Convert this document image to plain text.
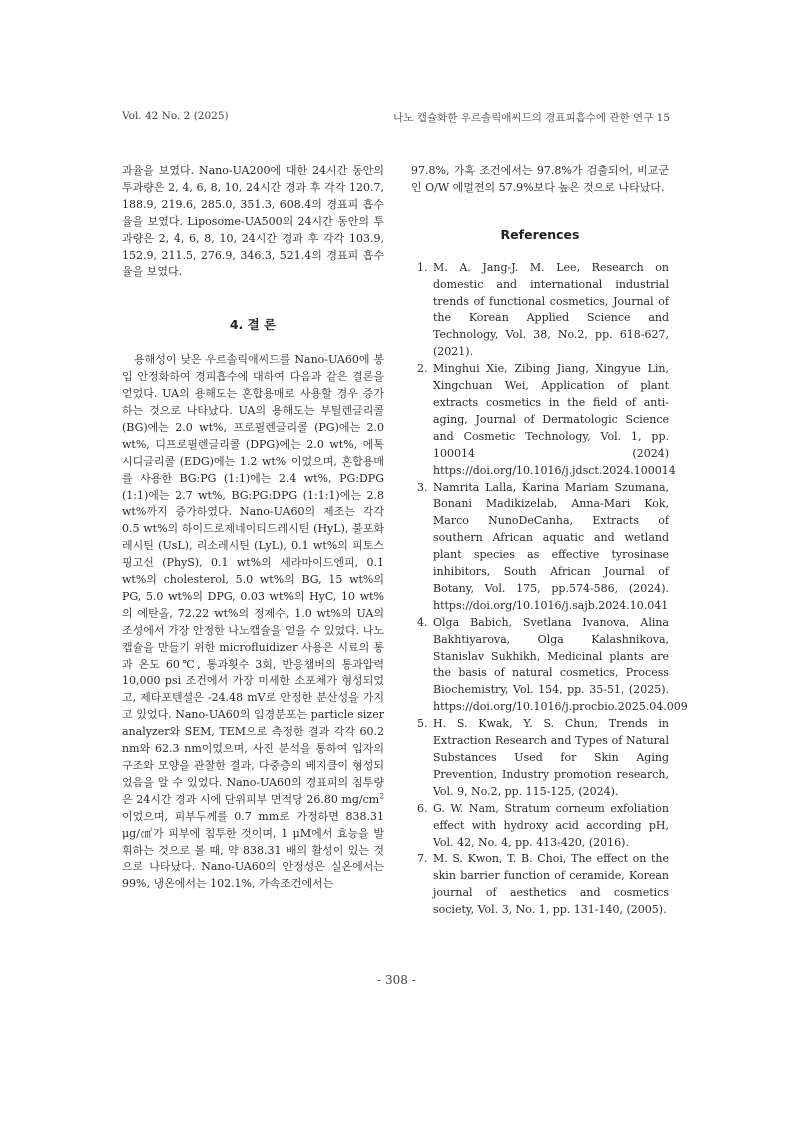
Vol. 42 No. 2 (2025)	나노 캡슐화한 우르솔릭애씨드의 경표피흡수에 관한 연구 15

과율을 보였다. Nano-UA200에 대한 24시간 동안의 투과량은 2, 4, 6, 8, 10, 24시간 경과 후 각각 120.7, 188.9, 219.6, 285.0, 351.3, 608.4의 경표피 흡수율을 보였다. Liposome-UA500의 24시간 동안의 투과량은 2, 4, 6, 8, 10, 24시간 경과 후 각각 103.9, 152.9, 211.5, 276.9, 346.3, 521.4의 경표피 흡수율을 보였다.

4. 결 론

용해성이 낮은 우르솔릭애씨드를 Nano-UA60에 봉입 안정화하여 경피흡수에 대하여 다음과 같은 결론을 얻었다. UA의 용해도는 혼합용매로 사용할 경우 증가하는 것으로 나타났다. UA의 용해도는 부틸렌글리콜 (BG)에는 2.0 wt%, 프로필렌글리콜 (PG)에는 2.0 wt%, 디프로필렌글리콜 (DPG)에는 2.0 wt%, 에톡시디글리콜 (EDG)에는 1.2 wt% 이었으며, 혼합용매를 사용한 BG:PG (1:1)에는 2.4 wt%, PG:DPG (1:1)에는 2.7 wt%, BG:PG:DPG (1:1:1)에는 2.8 wt%까지 증가하였다. Nano-UA60의 제조는 각각 0.5 wt%의 하이드로제네이티드레시틴 (HyL), 불포화레시틴 (UsL), 리소레시틴 (LyL), 0.1 wt%의 피토스핑고신 (PhyS), 0.1 wt%의 세라마이드엔피, 0.1 wt%의 cholesterol, 5.0 wt%의 BG, 15 wt%의 PG, 5.0 wt%의 DPG, 0.03 wt%의 HyC, 10 wt%의 에탄올, 72.22 wt%의 정제수, 1.0 wt%의 UA의 조성에서 가장 안정한 나노캡슐을 얻을 수 있었다. 나노 캡슐을 만들기 위한 microfluidizer 사용은 시료의 통과 온도 60℃, 통과횟수 3회, 반응챔버의 통과압력 10,000 psi 조건에서 가장 미세한 소포체가 형성되었고, 제타포텐셜은 -24.48 mV로 안정한 분산성을 가지고 있었다. Nano-UA60의 입경분포는 particle sizer analyzer와 SEM, TEM으로 측정한 결과 각각 60.2 nm와 62.3 nm이었으며, 사진 분석을 통하여 입자의 구조와 모양을 관찰한 결과, 다중층의 베지클이 형성되었음을 알 수 있었다. Nano-UA60의 경표피의 침투량은 24시간 경과 시에 단위피부 면적당 26.80 $mg/cm^2$이었으며, 피부두께를 0.7 mm로 가정하면 838.31 μg/㎤가 피부에 침투한 것이며, 1 μM에서 효능을 발휘하는 것으로 볼 때, 약 838.31 배의 활성이 있는 것으로 나타났다. Nano-UA60의 안정성은 실온에서는 99%, 냉온에서는 102.1%, 가속조건에서는

97.8%, 가혹 조건에서는 97.8%가 검출되어, 비교군인 O/W 에멀젼의 57.9%보다 높은 것으로 나타났다.

References
1. M. A. Jang-J. M. Lee, Research on domestic and international industrial trends of functional cosmetics, Journal of the Korean Applied Science and Technology, Vol. 38, No.2, pp. 618-627, (2021).
2. Minghui Xie, Zibing Jiang, Xingyue Lin, Xingchuan Wei, Application of plant extracts cosmetics in the field of anti-aging, Journal of Dermatologic Science and Cosmetic Technology, Vol. 1, pp. 100014 (2024) https://doi.org/10.1016/j.jdsct.2024.100014
3. Namrita Lalla, Karina Mariam Szumana, Bonani Madikizelab, Anna-Mari Kok, Marco NunoDeCanha, Extracts of southern African aquatic and wetland plant species as effective tyrosinase inhibitors, South African Journal of Botany, Vol. 175, pp.574-586, (2024). https://doi.org/10.1016/j.sajb.2024.10.041
4. Olga Babich, Svetlana Ivanova, Alina Bakhtiyarova, Olga Kalashnikova, Stanislav Sukhikh, Medicinal plants are the basis of natural cosmetics, Process Biochemistry, Vol. 154, pp. 35-51, (2025). https://doi.org/10.1016/j.procbio.2025.04.009
5. H. S. Kwak, Y. S. Chun, Trends in Extraction Research and Types of Natural Substances Used for Skin Aging Prevention, Industry promotion research, Vol. 9, No.2, pp. 115-125, (2024).
6. G. W. Nam, Stratum corneum exfoliation effect with hydroxy acid according pH, Vol. 42, No. 4, pp. 413-420, (2016).
7. M. S. Kwon, T. B. Choi, The effect on the skin barrier function of ceramide, Korean journal of aesthetics and cosmetics society, Vol. 3, No. 1, pp. 131-140, (2005).
- 308 -
